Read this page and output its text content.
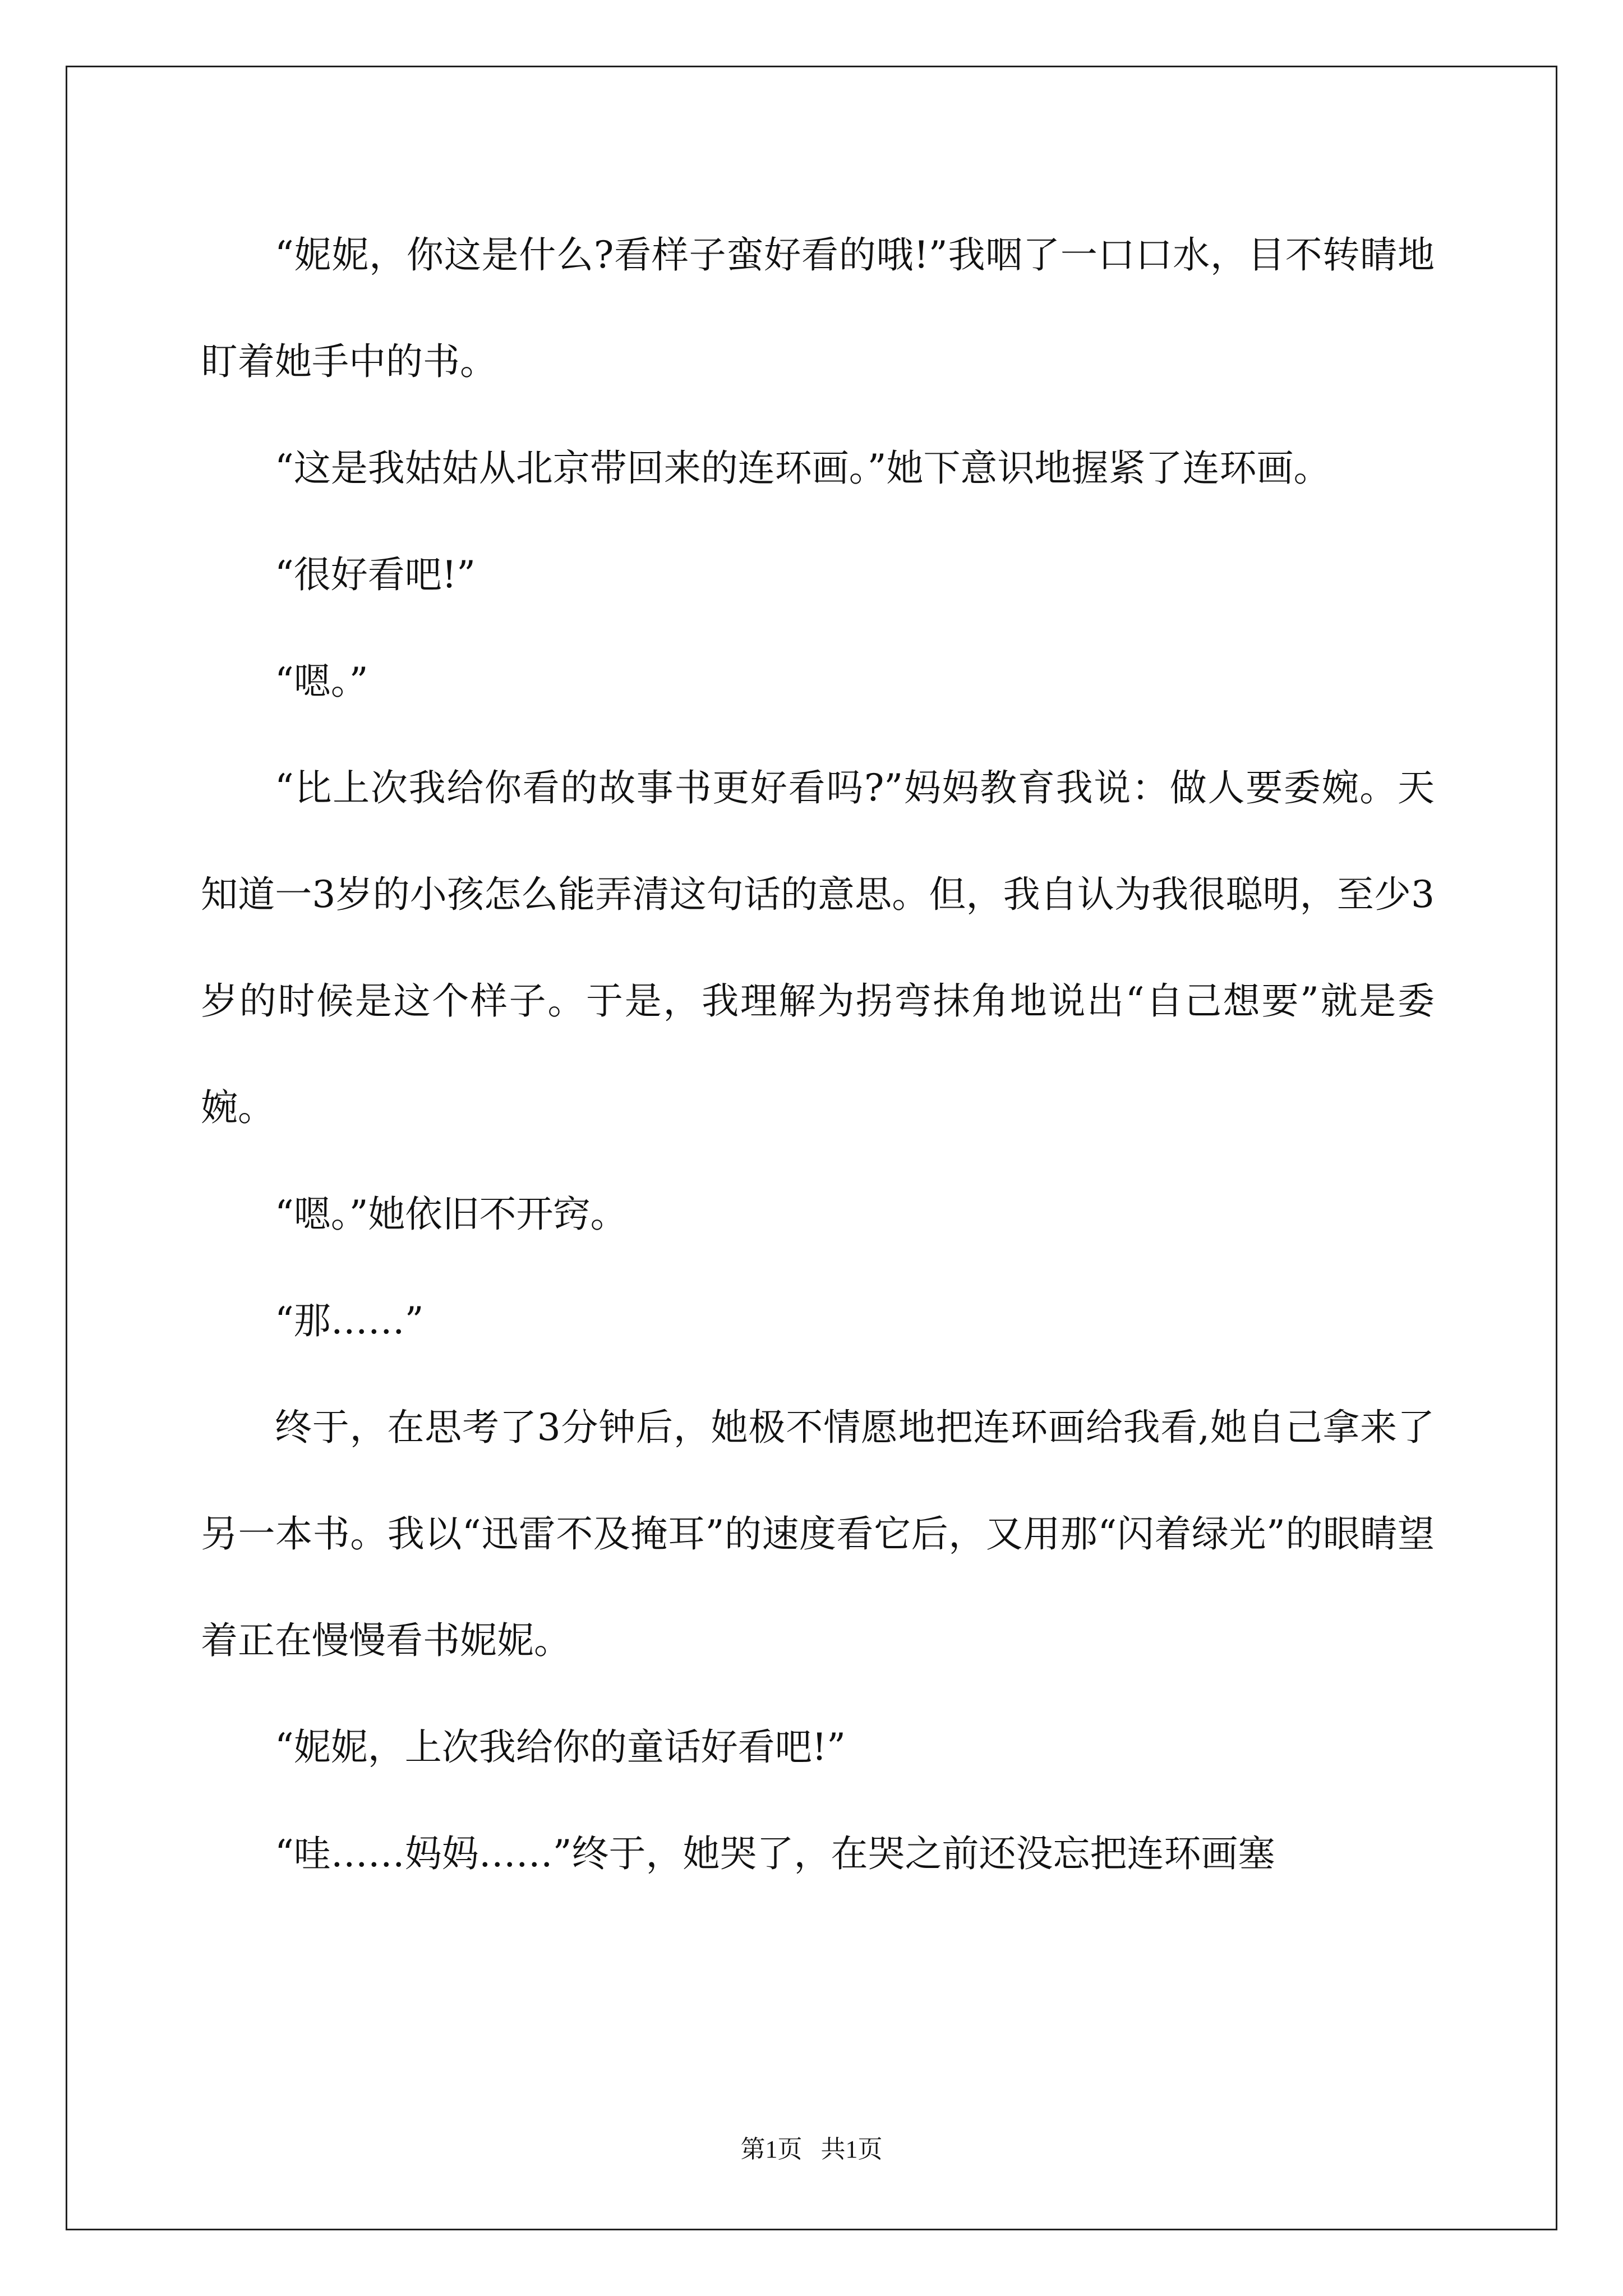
“妮妮，你这是什么?看样子蛮好看的哦!”我咽了一口口水，目不转睛地盯着她手中的书。

“这是我姑姑从北京带回来的连环画。”她下意识地握紧了连环画。

“很好看吧!”

“嗯。”

“比上次我给你看的故事书更好看吗?”妈妈教育我说：做人要委婉。天知道一3岁的小孩怎么能弄清这句话的意思。但，我自认为我很聪明，至少3岁的时候是这个样子。于是，我理解为拐弯抹角地说出“自己想要”就是委婉。

“嗯。”她依旧不开窍。

“那……”

终于，在思考了3分钟后，她极不情愿地把连环画给我看,她自己拿来了另一本书。我以“迅雷不及掩耳”的速度看它后，又用那“闪着绿光”的眼睛望着正在慢慢看书妮妮。

“妮妮，上次我给你的童话好看吧!”

“哇……妈妈……”终于，她哭了，在哭之前还没忘把连环画塞

第1页   共1页
